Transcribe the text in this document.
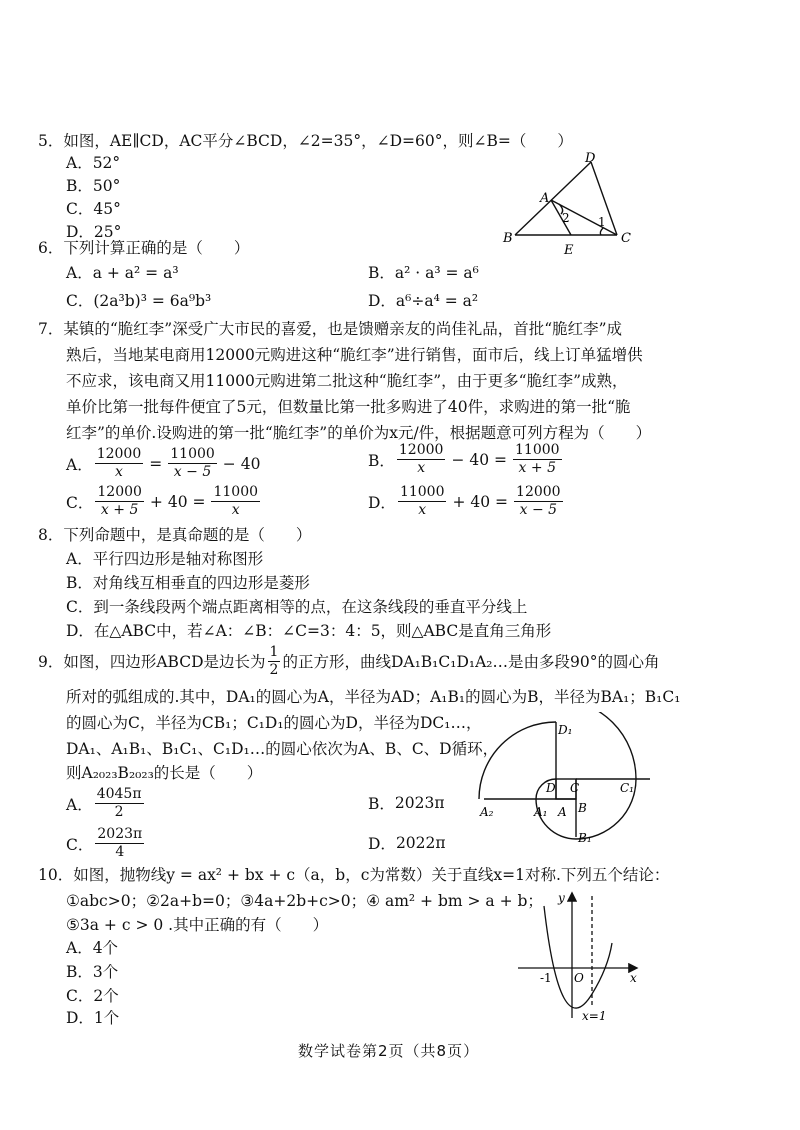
5．如图，AE∥CD，AC平分∠BCD，∠2=35°，∠D=60°，则∠B=（　　）
A．52°
B．50°
C．45°
D．25°
D
A
B	C
E
2 1
6．下列计算正确的是（　　）
A．a + a² = a³	B．a² · a³ = a⁶
C．(2a³b)³ = 6a⁹b³	D．a⁶÷a⁴ = a²
7．某镇的“脆红李”深受广大市民的喜爱，也是馈赠亲友的尚佳礼品，首批“脆红李”成
熟后，当地某电商用12000元购进这种“脆红李”进行销售，面市后，线上订单猛增供
不应求，该电商又用11000元购进第二批这种“脆红李”，由于更多“脆红李”成熟，
单价比第一批每件便宜了5元，但数量比第一批多购进了40件，求购进的第一批“脆
红李”的单价.设购进的第一批“脆红李”的单价为x元/件，根据题意可列方程为（　　）
A． $\frac{12000}{x} = \frac{11000}{x - 5} - 40$	B． $\frac{12000}{x} - 40 = \frac{11000}{x + 5}$
C． $\frac{12000}{x + 5} + 40 = \frac{11000}{x}$	D． $\frac{11000}{x} + 40 = \frac{12000}{x - 5}$
8．下列命题中，是真命题的是（　　）
A．平行四边形是轴对称图形
B．对角线互相垂直的四边形是菱形
C．到一条线段两个端点距离相等的点，在这条线段的垂直平分线上
D．在△ABC中，若∠A：∠B：∠C=3：4：5，则△ABC是直角三角形
9．如图，四边形ABCD是边长为 $\frac{1}{2}$ 的正方形，曲线DA₁B₁C₁D₁A₂…是由多段90°的圆心角
所对的弧组成的.其中，DA₁的圆心为A，半径为AD；A₁B₁的圆心为B，半径为BA₁；B₁C₁
的圆心为C，半径为CB₁；C₁D₁的圆心为D，半径为DC₁…，
DA₁、A₁B₁、B₁C₁、C₁D₁…的圆心依次为A、B、C、D循环，
则A₂₀₂₃B₂₀₂₃的长是（　　）
A． $\frac{4045\pi}{2}$	B． 2023π
C． $\frac{2023\pi}{4}$	D． 2022π
D₁
D C	C₁
A₂	A₁ A B
B₁
10．如图，抛物线y = ax² + bx + c（a，b，c为常数）关于直线x=1对称.下列五个结论：
①abc>0；②2a+b=0；③4a+2b+c>0；④ am² + bm > a + b；
⑤3a + c > 0 .其中正确的有（　　）
A．4个
B．3个
C．2个
D．1个
y
x
O
-1
x=1
数学试卷第2页（共8页）
